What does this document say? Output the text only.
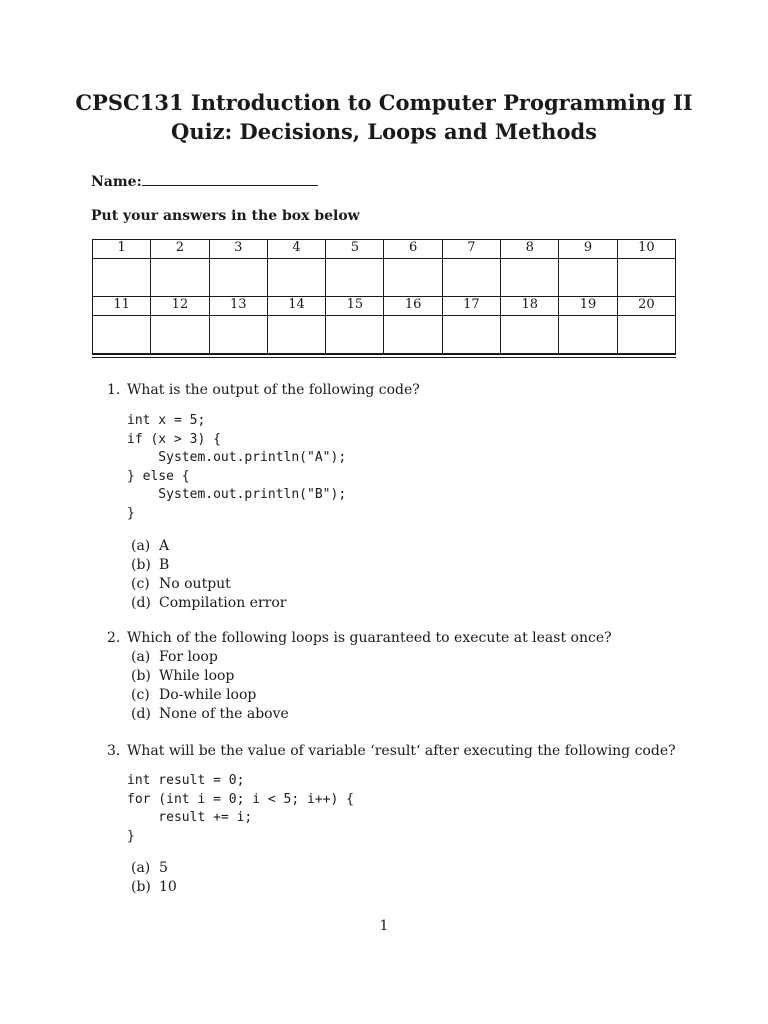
CPSC131 Introduction to Computer Programming II
Quiz: Decisions, Loops and Methods
Name:
Put your answers in the box below
1	2	3	4	5	6	7	8	9	10

11	12	13	14	15	16	17	18	19	20

1. What is the output of the following code?
int x = 5;
if (x > 3) {
System.out.println("A");
} else {
System.out.println("B");
}
(a) A
(b) B
(c) No output
(d) Compilation error
2. Which of the following loops is guaranteed to execute at least once?
(a) For loop
(b) While loop
(c) Do-while loop
(d) None of the above
3. What will be the value of variable ‘result‘ after executing the following code?
int result = 0;
for (int i = 0; i < 5; i++) {
result += i;
}
(a) 5
(b) 10
1
